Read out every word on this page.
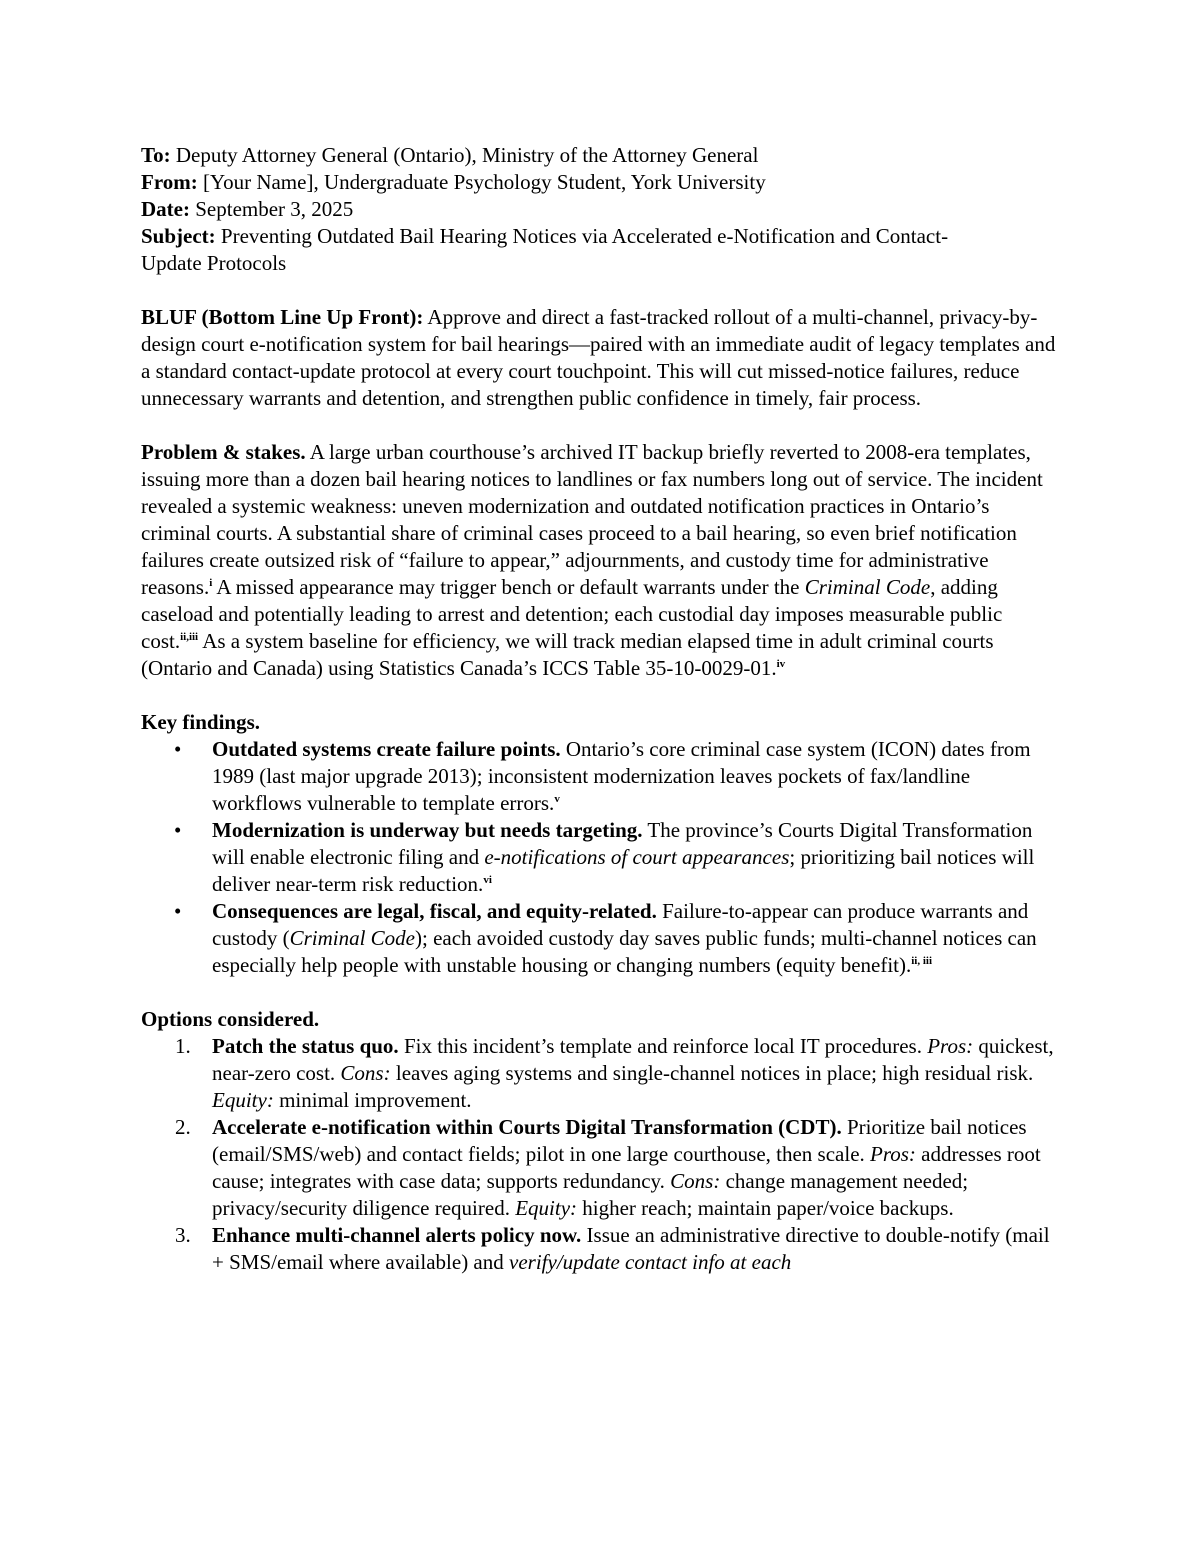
To: Deputy Attorney General (Ontario), Ministry of the Attorney General

From: [Your Name], Undergraduate Psychology Student, York University

Date: September 3, 2025

Subject: Preventing Outdated Bail Hearing Notices via Accelerated e-Notification and Contact-Update Protocols

BLUF (Bottom Line Up Front): Approve and direct a fast-tracked rollout of a multi-channel, privacy-by-design court e-notification system for bail hearings—paired with an immediate audit of legacy templates and a standard contact-update protocol at every court touchpoint. This will cut missed-notice failures, reduce unnecessary warrants and detention, and strengthen public confidence in timely, fair process.

Problem & stakes. A large urban courthouse’s archived IT backup briefly reverted to 2008-era templates, issuing more than a dozen bail hearing notices to landlines or fax numbers long out of service. The incident revealed a systemic weakness: uneven modernization and outdated notification practices in Ontario’s criminal courts. A substantial share of criminal cases proceed to a bail hearing, so even brief notification failures create outsized risk of “failure to appear,” adjournments, and custody time for administrative reasons.$^i$ A missed appearance may trigger bench or default warrants under the Criminal Code, adding caseload and potentially leading to arrest and detention; each custodial day imposes measurable public cost.$^{ii,iii}$ As a system baseline for efficiency, we will track median elapsed time in adult criminal courts (Ontario and Canada) using Statistics Canada’s ICCS Table 35-10-0029-01.$^{iv}$

Key findings.

•	Outdated systems create failure points. Ontario’s core criminal case system (ICON) dates from 1989 (last major upgrade 2013); inconsistent modernization leaves pockets of fax/landline workflows vulnerable to template errors.$^v$
•	Modernization is underway but needs targeting. The province’s Courts Digital Transformation will enable electronic filing and e-notifications of court appearances; prioritizing bail notices will deliver near-term risk reduction.$^{vi}$
•	Consequences are legal, fiscal, and equity-related. Failure-to-appear can produce warrants and custody (Criminal Code); each avoided custody day saves public funds; multi-channel notices can especially help people with unstable housing or changing numbers (equity benefit).$^{ii, iii}$

Options considered.

1.	Patch the status quo. Fix this incident’s template and reinforce local IT procedures. Pros: quickest, near-zero cost. Cons: leaves aging systems and single-channel notices in place; high residual risk. Equity: minimal improvement.
2.	Accelerate e-notification within Courts Digital Transformation (CDT). Prioritize bail notices (email/SMS/web) and contact fields; pilot in one large courthouse, then scale. Pros: addresses root cause; integrates with case data; supports redundancy. Cons: change management needed; privacy/security diligence required. Equity: higher reach; maintain paper/voice backups.
3.	Enhance multi-channel alerts policy now. Issue an administrative directive to double-notify (mail + SMS/email where available) and verify/update contact info at each
